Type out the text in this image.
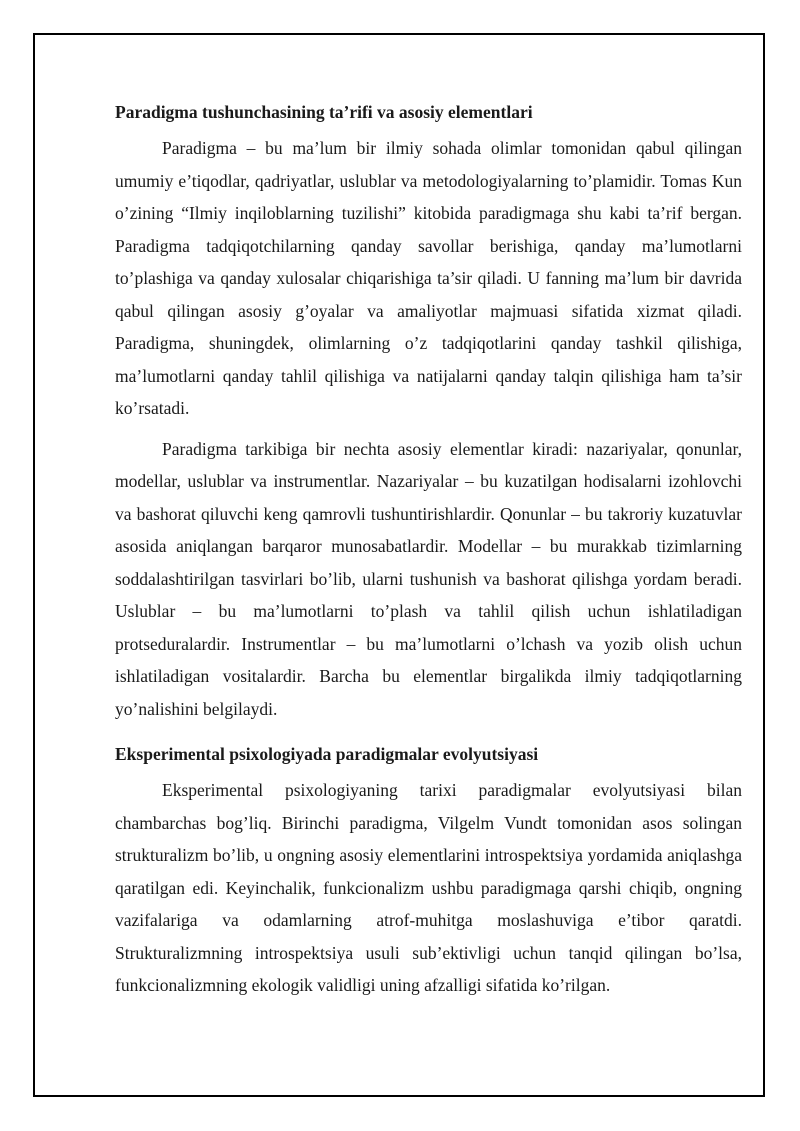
Paradigma tushunchasining ta’rifi va asosiy elementlari

Paradigma – bu ma’lum bir ilmiy sohada olimlar tomonidan qabul qilingan umumiy e’tiqodlar, qadriyatlar, uslublar va metodologiyalarning to’plamidir. Tomas Kun o’zining “Ilmiy inqiloblarning tuzilishi” kitobida paradigmaga shu kabi ta’rif bergan. Paradigma tadqiqotchilarning qanday savollar berishiga, qanday ma’lumotlarni to’plashiga va qanday xulosalar chiqarishiga ta’sir qiladi. U fanning ma’lum bir davrida qabul qilingan asosiy g’oyalar va amaliyotlar majmuasi sifatida xizmat qiladi. Paradigma, shuningdek, olimlarning o’z tadqiqotlarini qanday tashkil qilishiga, ma’lumotlarni qanday tahlil qilishiga va natijalarni qanday talqin qilishiga ham ta’sir ko’rsatadi.

Paradigma tarkibiga bir nechta asosiy elementlar kiradi: nazariyalar, qonunlar, modellar, uslublar va instrumentlar. Nazariyalar – bu kuzatilgan hodisalarni izohlovchi va bashorat qiluvchi keng qamrovli tushuntirishlardir. Qonunlar – bu takroriy kuzatuvlar asosida aniqlangan barqaror munosabatlardir. Modellar – bu murakkab tizimlarning soddalashtirilgan tasvirlari bo’lib, ularni tushunish va bashorat qilishga yordam beradi. Uslublar – bu ma’lumotlarni to’plash va tahlil qilish uchun ishlatiladigan protseduralardir. Instrumentlar – bu ma’lumotlarni o’lchash va yozib olish uchun ishlatiladigan vositalardir. Barcha bu elementlar birgalikda ilmiy tadqiqotlarning yo’nalishini belgilaydi.

Eksperimental psixologiyada paradigmalar evolyutsiyasi

Eksperimental psixologiyaning tarixi paradigmalar evolyutsiyasi bilan chambarchas bog’liq. Birinchi paradigma, Vilgelm Vundt tomonidan asos solingan strukturalizm bo’lib, u ongning asosiy elementlarini introspektsiya yordamida aniqlashga qaratilgan edi. Keyinchalik, funkcionalizm ushbu paradigmaga qarshi chiqib, ongning vazifalariga va odamlarning atrof-muhitga moslashuviga e’tibor qaratdi. Strukturalizmning introspektsiya usuli sub’ektivligi uchun tanqid qilingan bo’lsa, funkcionalizmning ekologik validligi uning afzalligi sifatida ko’rilgan.
